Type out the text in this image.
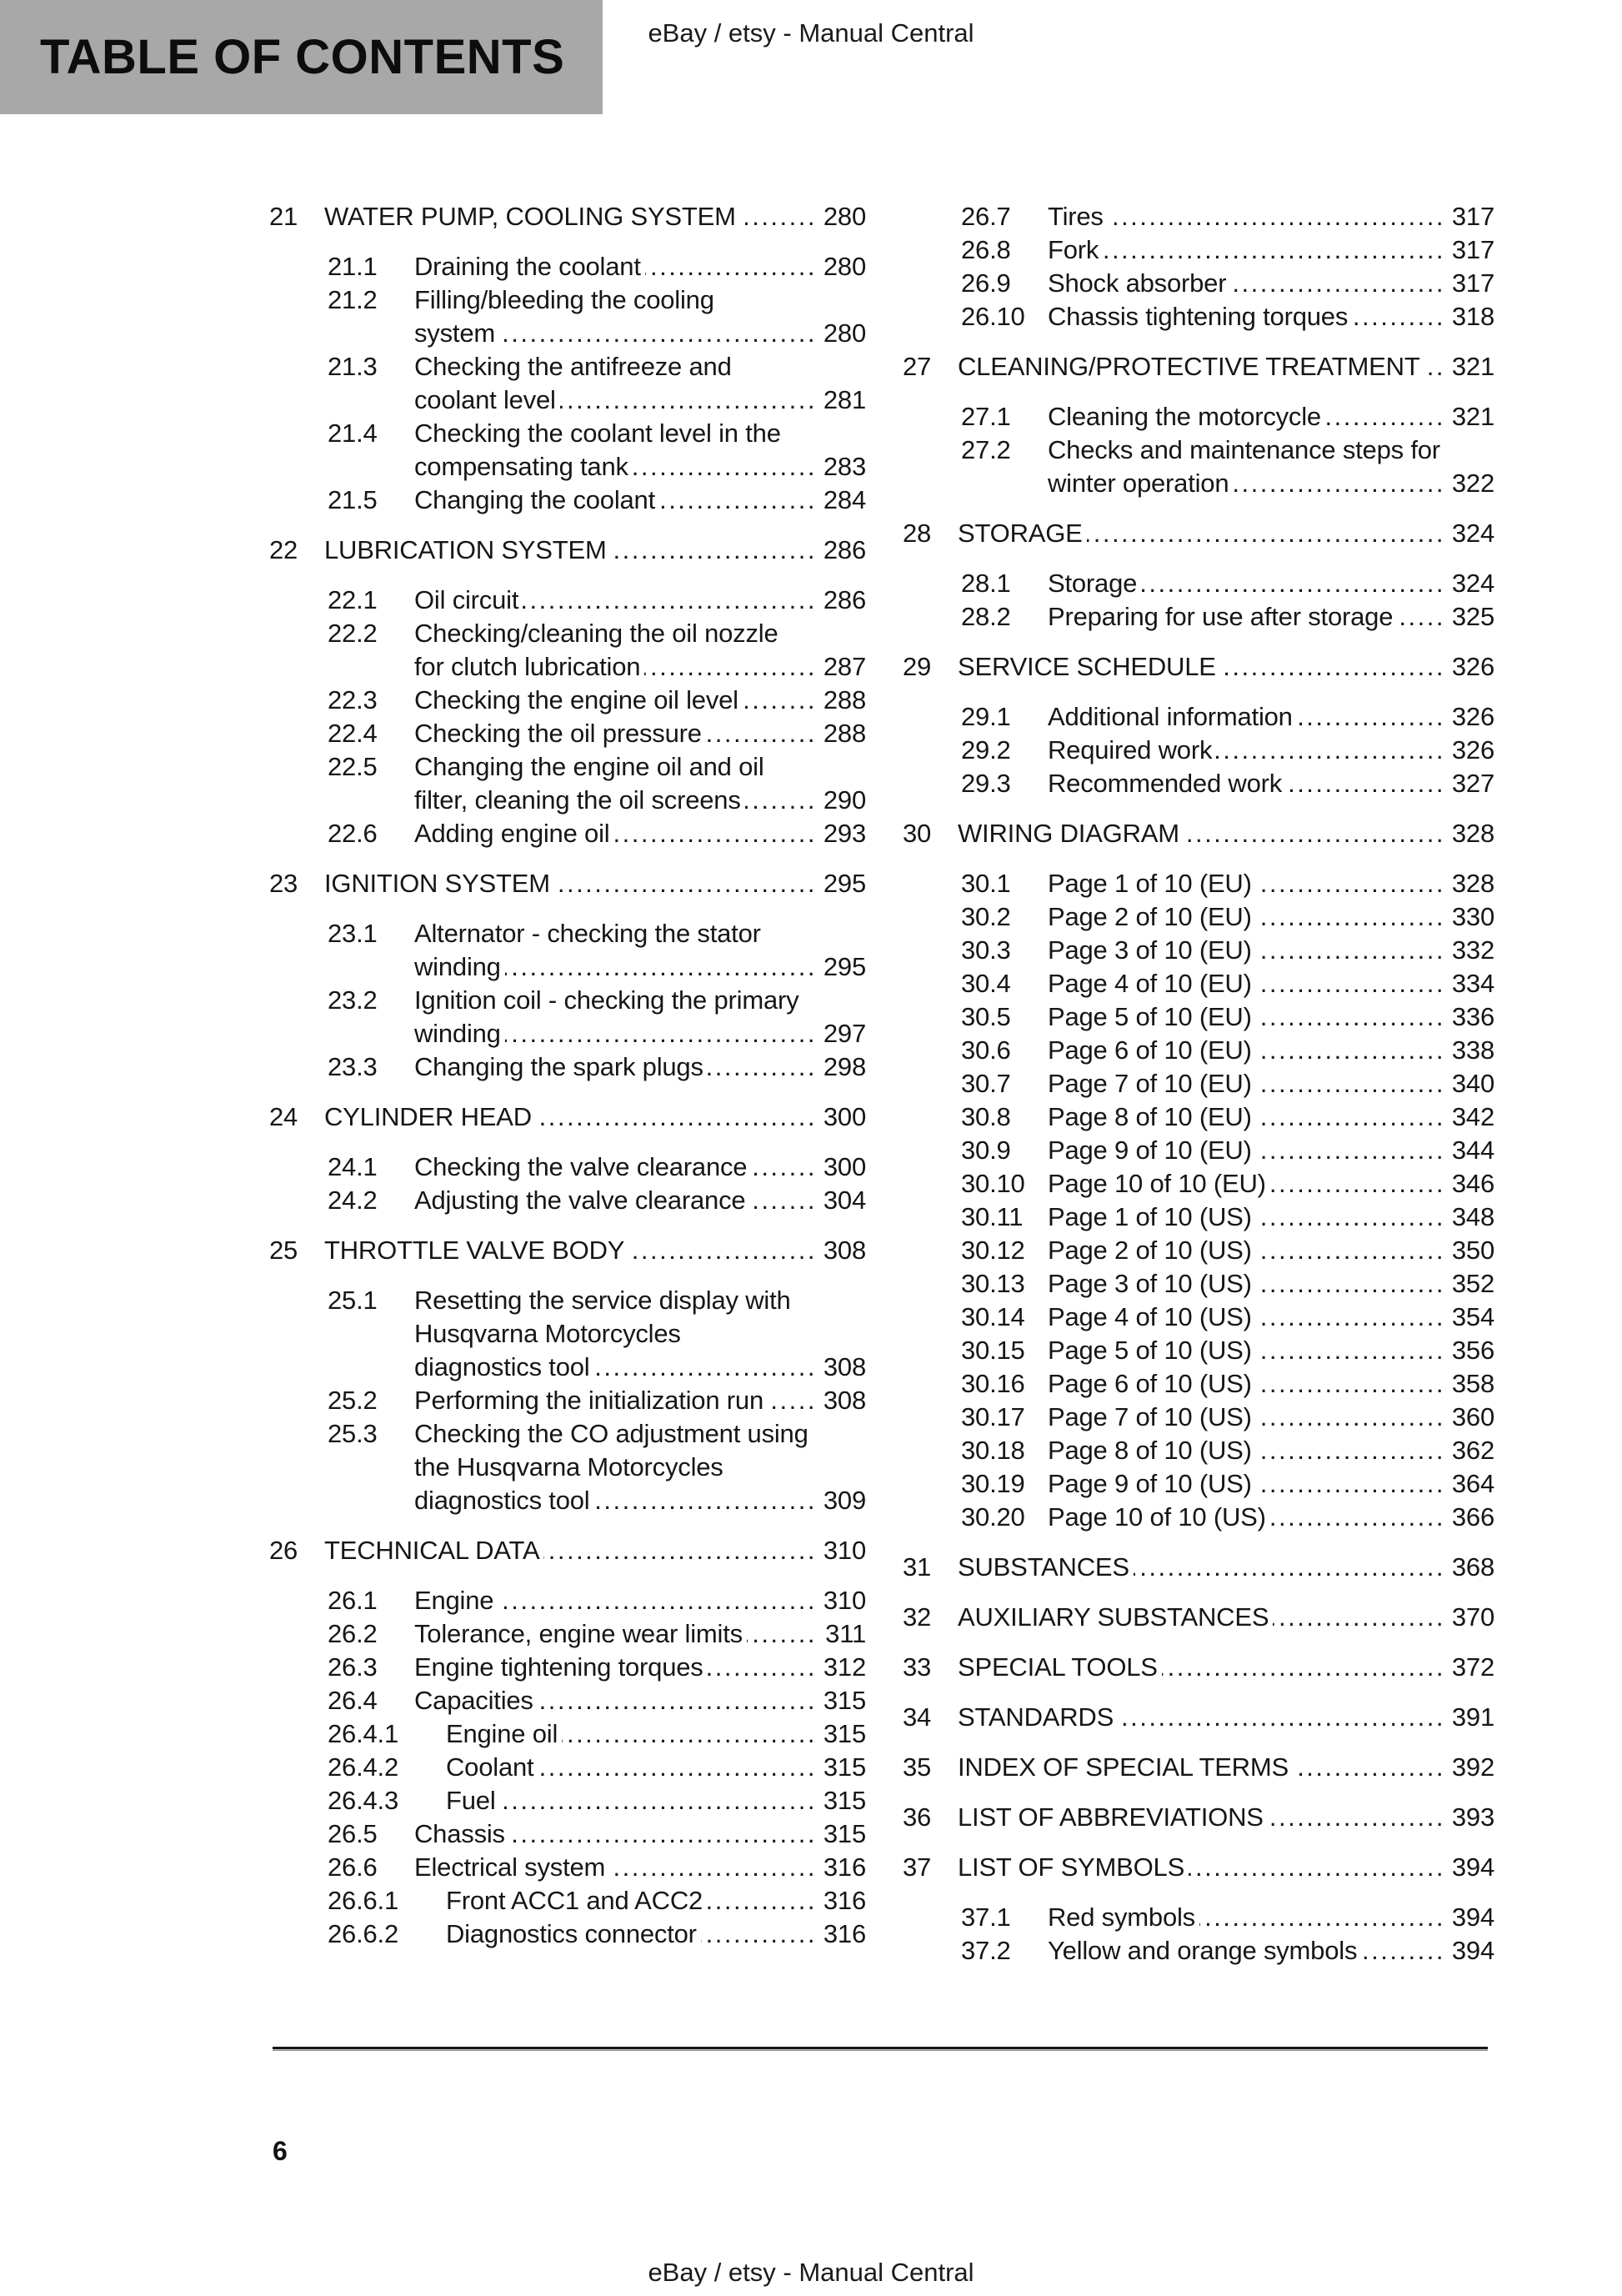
TABLE OF CONTENTS	eBay / etsy - Manual Central
21	WATER PUMP, COOLING SYSTEM .....	280
21.1	Draining the coolant .....	280
21.2	Filling/bleeding the cooling
system .....	280
21.3	Checking the antifreeze and
coolant level .....	281
21.4	Checking the coolant level in the
compensating tank .....	283
21.5	Changing the coolant .....	284
22	LUBRICATION SYSTEM .....	286
22.1	Oil circuit .....	286
22.2	Checking/cleaning the oil nozzle
for clutch lubrication .....	287
22.3	Checking the engine oil level .....	288
22.4	Checking the oil pressure .....	288
22.5	Changing the engine oil and oil
filter, cleaning the oil screens .....	290
22.6	Adding engine oil .....	293
23	IGNITION SYSTEM .....	295
23.1	Alternator - checking the stator
winding .....	295
23.2	Ignition coil - checking the primary
winding .....	297
23.3	Changing the spark plugs .....	298
24	CYLINDER HEAD .....	300
24.1	Checking the valve clearance .....	300
24.2	Adjusting the valve clearance .....	304
25	THROTTLE VALVE BODY .....	308
25.1	Resetting the service display with
Husqvarna Motorcycles
diagnostics tool .....	308
25.2	Performing the initialization run ..... 308
25.3	Checking the CO adjustment using
the Husqvarna Motorcycles
diagnostics tool .....	309
26	TECHNICAL DATA .....	310
26.1	Engine .....	310
26.2	Tolerance, engine wear limits .....	311
26.3	Engine tightening torques .....	312
26.4	Capacities .....	315
26.4.1	Engine oil .....	315
26.4.2	Coolant .....	315
26.4.3	Fuel .....	315
26.5	Chassis .....	315
26.6	Electrical system .....	316
26.6.1	Front ACC1 and ACC2 .....	316
26.6.2	Diagnostics connector .....	316
26.7	Tires .....	317
26.8	Fork .....	317
26.9	Shock absorber .....	317
26.10 Chassis tightening torques .....	318
27	CLEANING/PROTECTIVE TREATMENT ..... 321
27.1	Cleaning the motorcycle .....	321
27.2	Checks and maintenance steps for
winter operation .....	322
28	STORAGE .....	324
28.1	Storage .....	324
28.2	Preparing for use after storage ..... 325
29	SERVICE SCHEDULE .....	326
29.1	Additional information .....	326
29.2	Required work .....	326
29.3	Recommended work .....	327
30	WIRING DIAGRAM .....	328
30.1	Page 1 of 10 (EU) .....	328
30.2	Page 2 of 10 (EU) .....	330
30.3	Page 3 of 10 (EU) .....	332
30.4	Page 4 of 10 (EU) .....	334
30.5	Page 5 of 10 (EU) .....	336
30.6	Page 6 of 10 (EU) .....	338
30.7	Page 7 of 10 (EU) .....	340
30.8	Page 8 of 10 (EU) .....	342
30.9	Page 9 of 10 (EU) .....	344
30.10 Page 10 of 10 (EU) .....	346
30.11 Page 1 of 10 (US) .....	348
30.12 Page 2 of 10 (US) .....	350
30.13 Page 3 of 10 (US) .....	352
30.14 Page 4 of 10 (US) .....	354
30.15 Page 5 of 10 (US) .....	356
30.16 Page 6 of 10 (US) .....	358
30.17 Page 7 of 10 (US) .....	360
30.18 Page 8 of 10 (US) .....	362
30.19 Page 9 of 10 (US) .....	364
30.20 Page 10 of 10 (US) .....	366
31	SUBSTANCES .....	368
32	AUXILIARY SUBSTANCES .....	370
33	SPECIAL TOOLS .....	372
34	STANDARDS .....	391
35	INDEX OF SPECIAL TERMS .....	392
36	LIST OF ABBREVIATIONS .....	393
37	LIST OF SYMBOLS .....	394
37.1	Red symbols .....	394
37.2	Yellow and orange symbols .....	394
6
eBay / etsy - Manual Central
